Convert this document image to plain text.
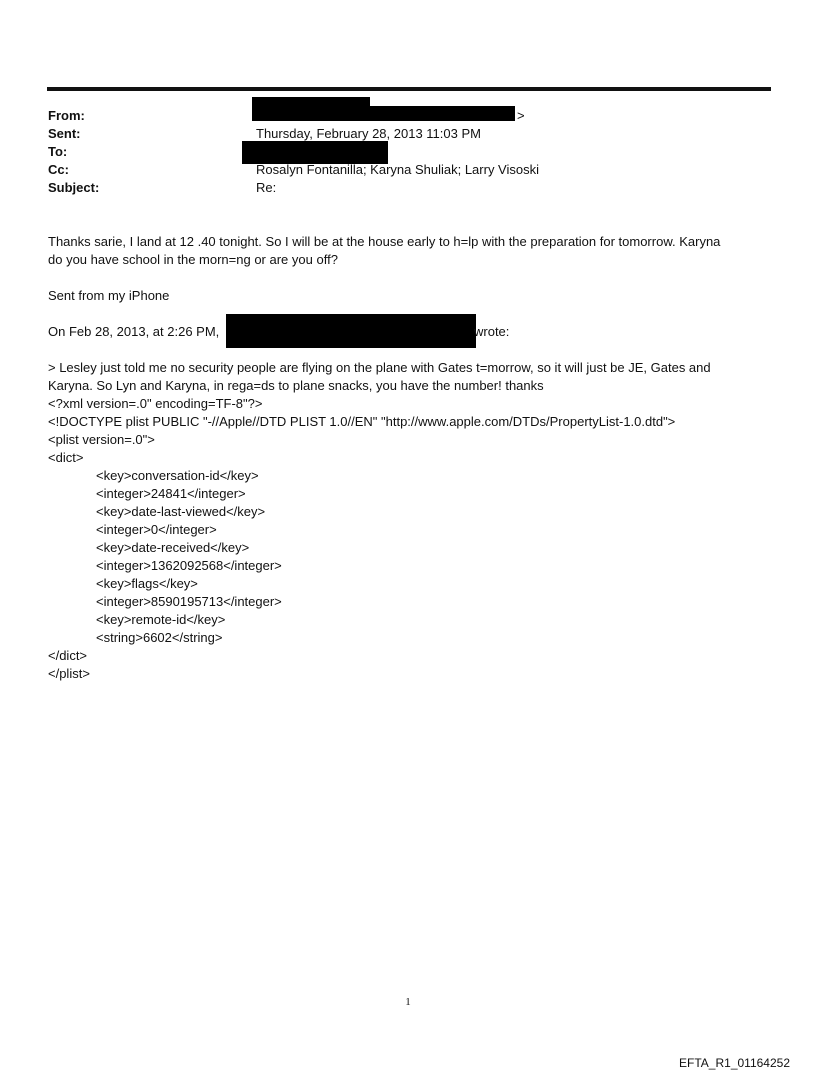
From:
Sent:
To:
Cc:
Subject:
>
Thursday, February 28, 2013 11:03 PM
Rosalyn Fontanilla; Karyna Shuliak; Larry Visoski
Re:
Thanks sarie, I land at 12 .40 tonight. So I will be at the house early to h=lp with the preparation for tomorrow. Karyna
do you have school in the morn=ng or are you off?
Sent from my iPhone
On Feb 28, 2013, at 2:26 PM,	wrote:
> Lesley just told me no security people are flying on the plane with Gates t=morrow, so it will just be JE, Gates and
Karyna. So Lyn and Karyna, in rega=ds to plane snacks, you have the number! thanks
<?xml version=.0" encoding=TF-8"?>
<!DOCTYPE plist PUBLIC "-//Apple//DTD PLIST 1.0//EN" "http://www.apple.com/DTDs/PropertyList-1.0.dtd">
<plist version=.0">
<dict>
<key>conversation-id</key>
<integer>24841</integer>
<key>date-last-viewed</key>
<integer>0</integer>
<key>date-received</key>
<integer>1362092568</integer>
<key>flags</key>
<integer>8590195713</integer>
<key>remote-id</key>
<string>6602</string>
</dict>
</plist>
1
EFTA_R1_01164252
